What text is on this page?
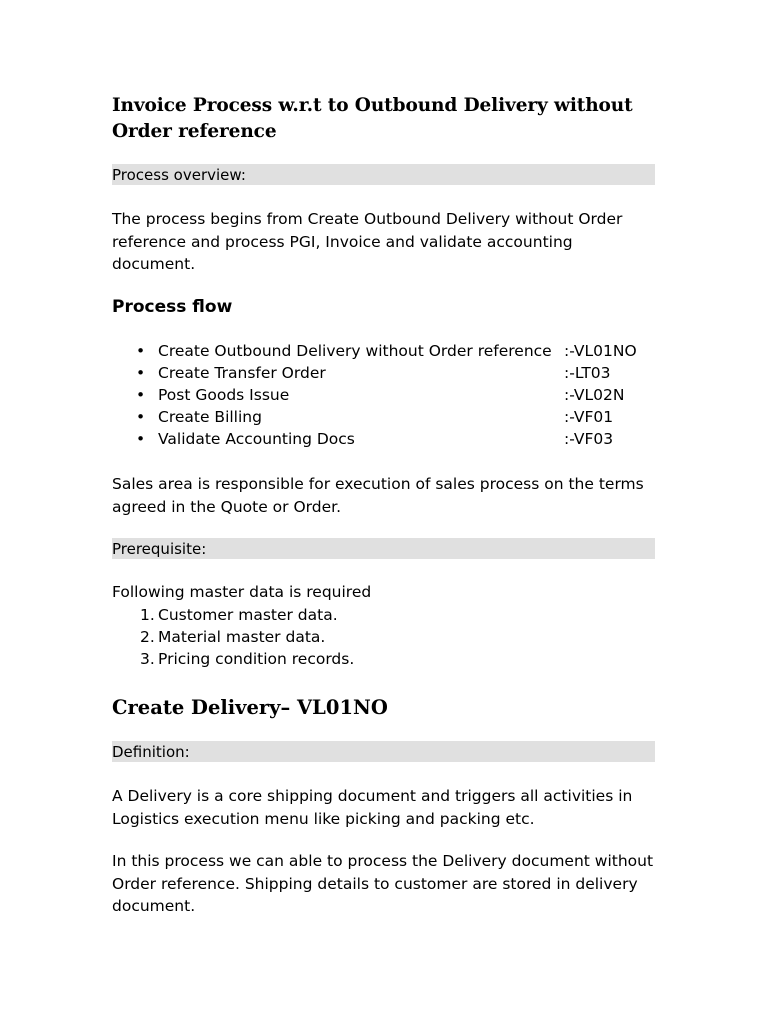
Invoice Process w.r.t to Outbound Delivery without Order reference
Process overview:
The process begins from Create Outbound Delivery without Order reference and process PGI, Invoice and validate accounting document.
Process flow
• Create Outbound Delivery without Order reference :-VL01NO
• Create Transfer Order	:-LT03
• Post Goods Issue	:-VL02N
• Create Billing	:-VF01
• Validate Accounting Docs	:-VF03
Sales area is responsible for execution of sales process on the terms agreed in the Quote or Order.
Prerequisite:
Following master data is required
1. Customer master data.
2. Material master data.
3. Pricing condition records.
Create Delivery– VL01NO
Definition:
A Delivery is a core shipping document and triggers all activities in Logistics execution menu like picking and packing etc.
In this process we can able to process the Delivery document without Order reference. Shipping details to customer are stored in delivery document.
